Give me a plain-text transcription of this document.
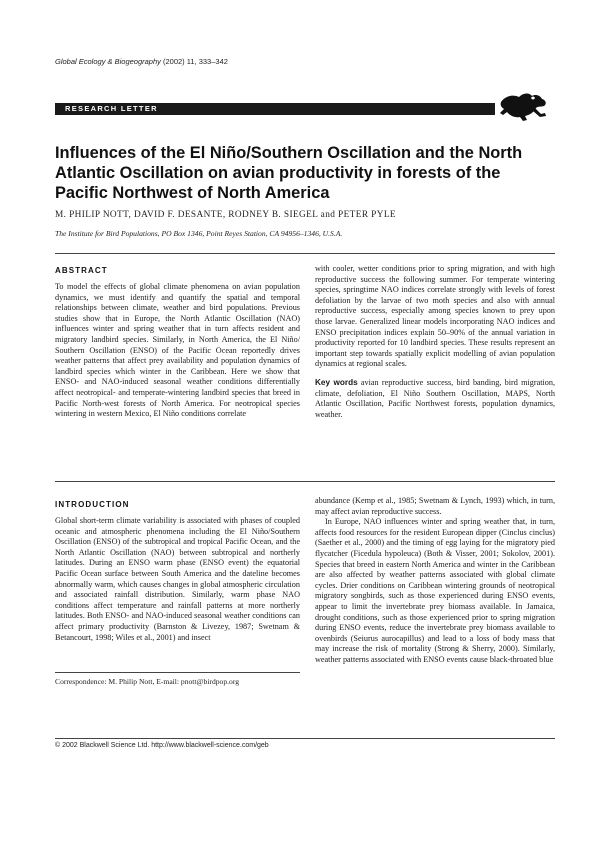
Global Ecology & Biogeography (2002) 11, 333–342
RESEARCH LETTER
Influences of the El Niño/Southern Oscillation and the North Atlantic Oscillation on avian productivity in forests of the Pacific Northwest of North America
M. PHILIP NOTT, DAVID F. DESANTE, RODNEY B. SIEGEL and PETER PYLE
The Institute for Bird Populations, PO Box 1346, Point Reyes Station, CA 94956–1346, U.S.A.
ABSTRACT

To model the effects of global climate phenomena on avian population dynamics, we must identify and quantify the spatial and temporal relationships between climate, weather and bird populations. Previous studies show that in Europe, the North Atlantic Oscillation (NAO) influences winter and spring weather that in turn affects resident and migratory landbird species. Similarly, in North America, the El Niño/ Southern Oscillation (ENSO) of the Pacific Ocean reportedly drives weather patterns that affect prey availability and population dynamics of landbird species which winter in the Caribbean. Here we show that ENSO- and NAO-induced seasonal weather conditions differentially affect neotropical- and temperate-wintering landbird species that breed in Pacific North-west forests of North America. For neotropical species wintering in western Mexico, El Niño conditions correlate

with cooler, wetter conditions prior to spring migration, and with high reproductive success the following summer. For temperate wintering species, springtime NAO indices correlate strongly with levels of forest defoliation by the larvae of two moth species and also with annual reproductive success, especially among species known to prey upon those larvae. Generalized linear models incorporating NAO indices and ENSO precipitation indices explain 50–90% of the annual variation in productivity reported for 10 landbird species. These results represent an important step towards spatially explicit modelling of avian population dynamics at regional scales.

Key words avian reproductive success, bird banding, bird migration, climate, defoliation, El Niño Southern Oscillation, MAPS, North Atlantic Oscillation, Pacific Northwest forests, population dynamics, weather.

INTRODUCTION

Global short-term climate variability is associated with phases of coupled oceanic and atmospheric phenomena including the El Niño/Southern Oscillation (ENSO) of the subtropical and tropical Pacific Ocean, and the North Atlantic Oscillation (NAO) between subtropical and northerly latitudes. During an ENSO warm phase (ENSO event) the equatorial Pacific Ocean surface between South America and the dateline becomes abnormally warm, which causes changes in global atmospheric circulation and associated rainfall distribution. Similarly, warm phase NAO conditions affect temperature and rainfall patterns at more northerly latitudes. Both ENSO- and NAO-induced seasonal weather conditions can affect primary productivity (Barnston & Livezey, 1987; Swetnam & Betancourt, 1998; Wiles et al., 2001) and insect

abundance (Kemp et al., 1985; Swetnam & Lynch, 1993) which, in turn, may affect avian reproductive success.

In Europe, NAO influences winter and spring weather that, in turn, affects food resources for the resident European dipper (Cinclus cinclus) (Saether et al., 2000) and the timing of egg laying for the migratory pied flycatcher (Ficedula hypoleuca) (Both & Visser, 2001; Sokolov, 2001). Species that breed in eastern North America and winter in the Caribbean are also affected by weather patterns associated with global climate cycles. Drier conditions on Caribbean wintering grounds of neotropical migratory songbirds, such as those experienced during ENSO events, appear to limit the invertebrate prey biomass available. In Jamaica, drought conditions, such as those experienced prior to spring migration during ENSO events, reduce the invertebrate prey biomass available to ovenbirds (Seiurus aurocapillus) and lead to a loss of body mass that may increase the risk of mortality (Strong & Sherry, 2000). Similarly, weather patterns associated with ENSO events cause black-throated blue

Correspondence: M. Philip Nott, E-mail: pnott@birdpop.org
© 2002 Blackwell Science Ltd. http://www.blackwell-science.com/geb
